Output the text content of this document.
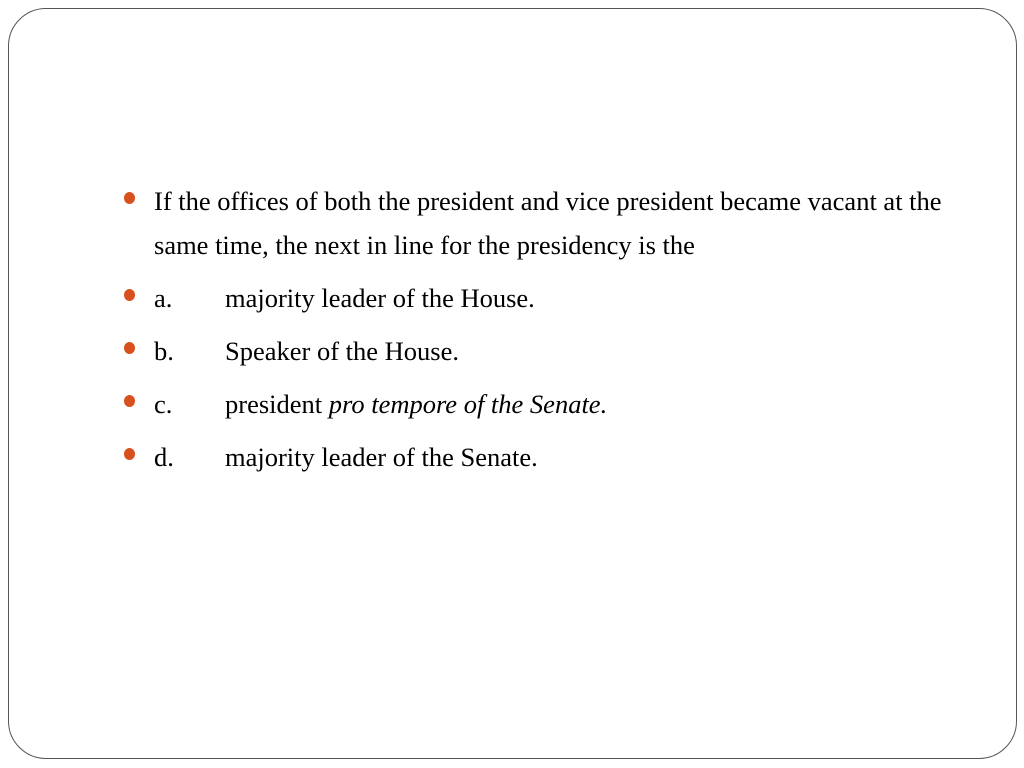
If the offices of both the president and vice president became vacant at the same time, the next in line for the presidency is the
a. majority leader of the House.
b. Speaker of the House.
c. president pro tempore of the Senate.
d. majority leader of the Senate.
